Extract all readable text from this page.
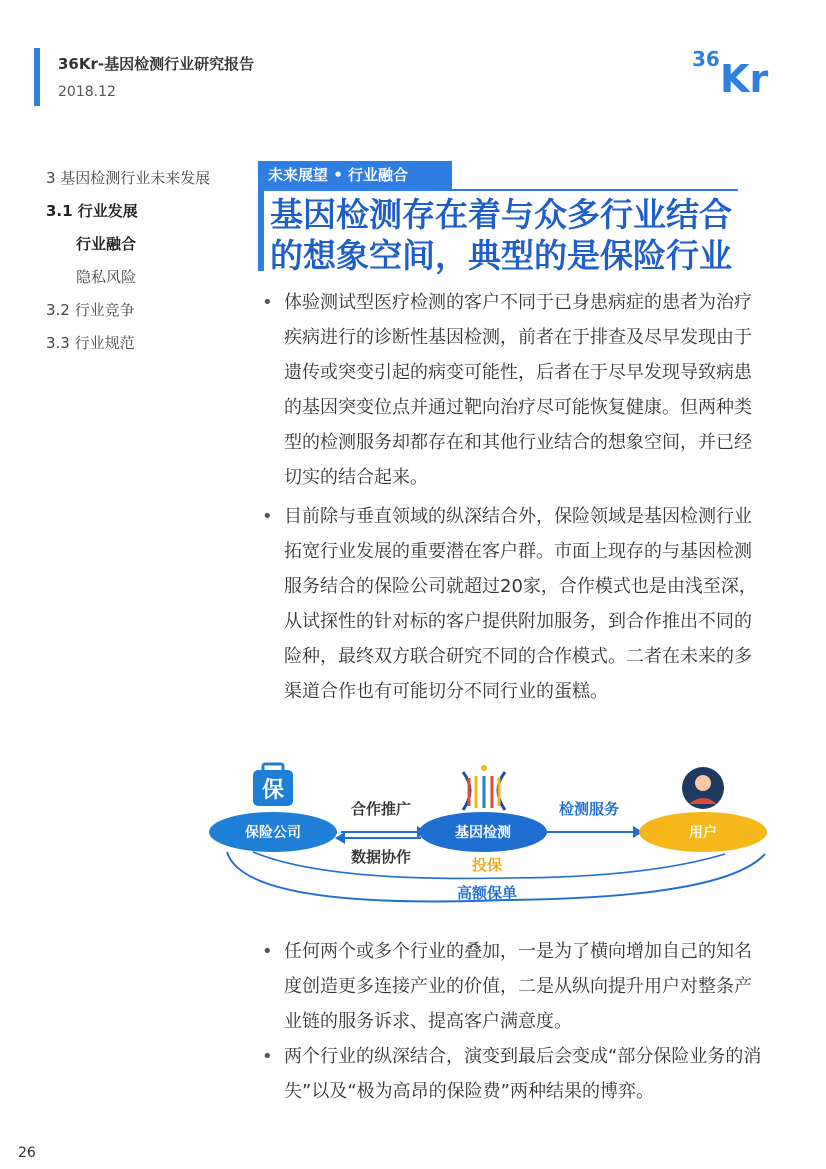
36Kr-基因检测行业研究报告
2018.12
36 Kr
3 基因检测行业未来发展
3.1 行业发展
行业融合
隐私风险
3.2 行业竞争
3.3 行业规范
未来展望 • 行业融合
基因检测存在着与众多行业结合
的想象空间，典型的是保险行业
• 体验测试型医疗检测的客户不同于已身患病症的患者为治疗疾病进行的诊断性基因检测，前者在于排查及尽早发现由于遗传或突变引起的病变可能性，后者在于尽早发现导致病患的基因突变位点并通过靶向治疗尽可能恢复健康。但两种类型的检测服务却都存在和其他行业结合的想象空间，并已经切实的结合起来。
• 目前除与垂直领域的纵深结合外，保险领域是基因检测行业拓宽行业发展的重要潜在客户群。市面上现存的与基因检测服务结合的保险公司就超过20家，合作模式也是由浅至深，从试探性的针对标的客户提供附加服务，到合作推出不同的险种，最终双方联合研究不同的合作模式。二者在未来的多渠道合作也有可能切分不同行业的蛋糕。
保
保险公司	基因检测	用户
合作推广
数据协作
检测服务
投保
高额保单
• 任何两个或多个行业的叠加，一是为了横向增加自己的知名度创造更多连接产业的价值，二是从纵向提升用户对整条产业链的服务诉求、提高客户满意度。
• 两个行业的纵深结合，演变到最后会变成“部分保险业务的消失”以及“极为高昂的保险费”两种结果的博弈。
26
